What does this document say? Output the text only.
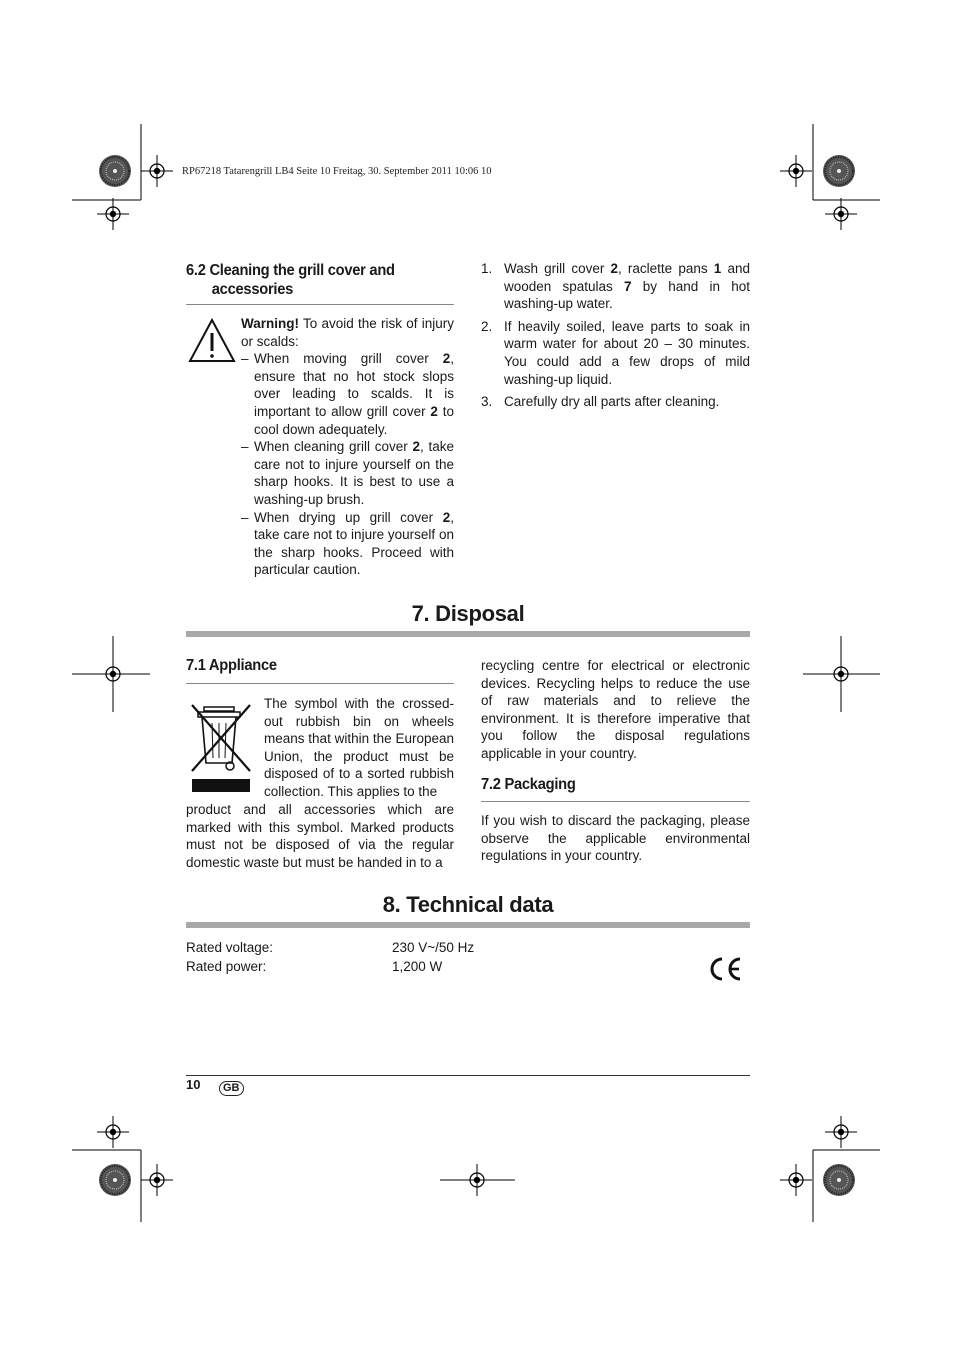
RP67218 Tatarengrill LB4 Seite 10 Freitag, 30. September 2011 10:06 10
6.2 Cleaning the grill cover and
accessories
Warning! To avoid the risk of injury or scalds:
– When moving grill cover 2, ensure that no hot stock slops over leading to scalds. It is important to allow grill cover 2 to cool down adequately.
– When cleaning grill cover 2, take care not to injure yourself on the sharp hooks. It is best to use a washing-up brush.
– When drying up grill cover 2, take care not to injure yourself on the sharp hooks. Proceed with particular caution.
1. Wash grill cover 2, raclette pans 1 and wooden spatulas 7 by hand in hot washing-up water.
2. If heavily soiled, leave parts to soak in warm water for about 20 – 30 minutes. You could add a few drops of mild washing-up liquid.
3. Carefully dry all parts after cleaning.
7. Disposal
7.1 Appliance
The symbol with the crossed-out rubbish bin on wheels means that within the European Union, the product must be disposed of to a sorted rubbish collection. This applies to the
product and all accessories which are marked with this symbol. Marked products must not be disposed of via the regular domestic waste but must be handed in to a
recycling centre for electrical or electronic devices. Recycling helps to reduce the use of raw materials and to relieve the environment. It is therefore imperative that you follow the disposal regulations applicable in your country.
7.2 Packaging
If you wish to discard the packaging, please observe the applicable environmental regulations in your country.
8. Technical data
Rated voltage:	230 V~/50 Hz
Rated power:	1,200 W
10	GB
